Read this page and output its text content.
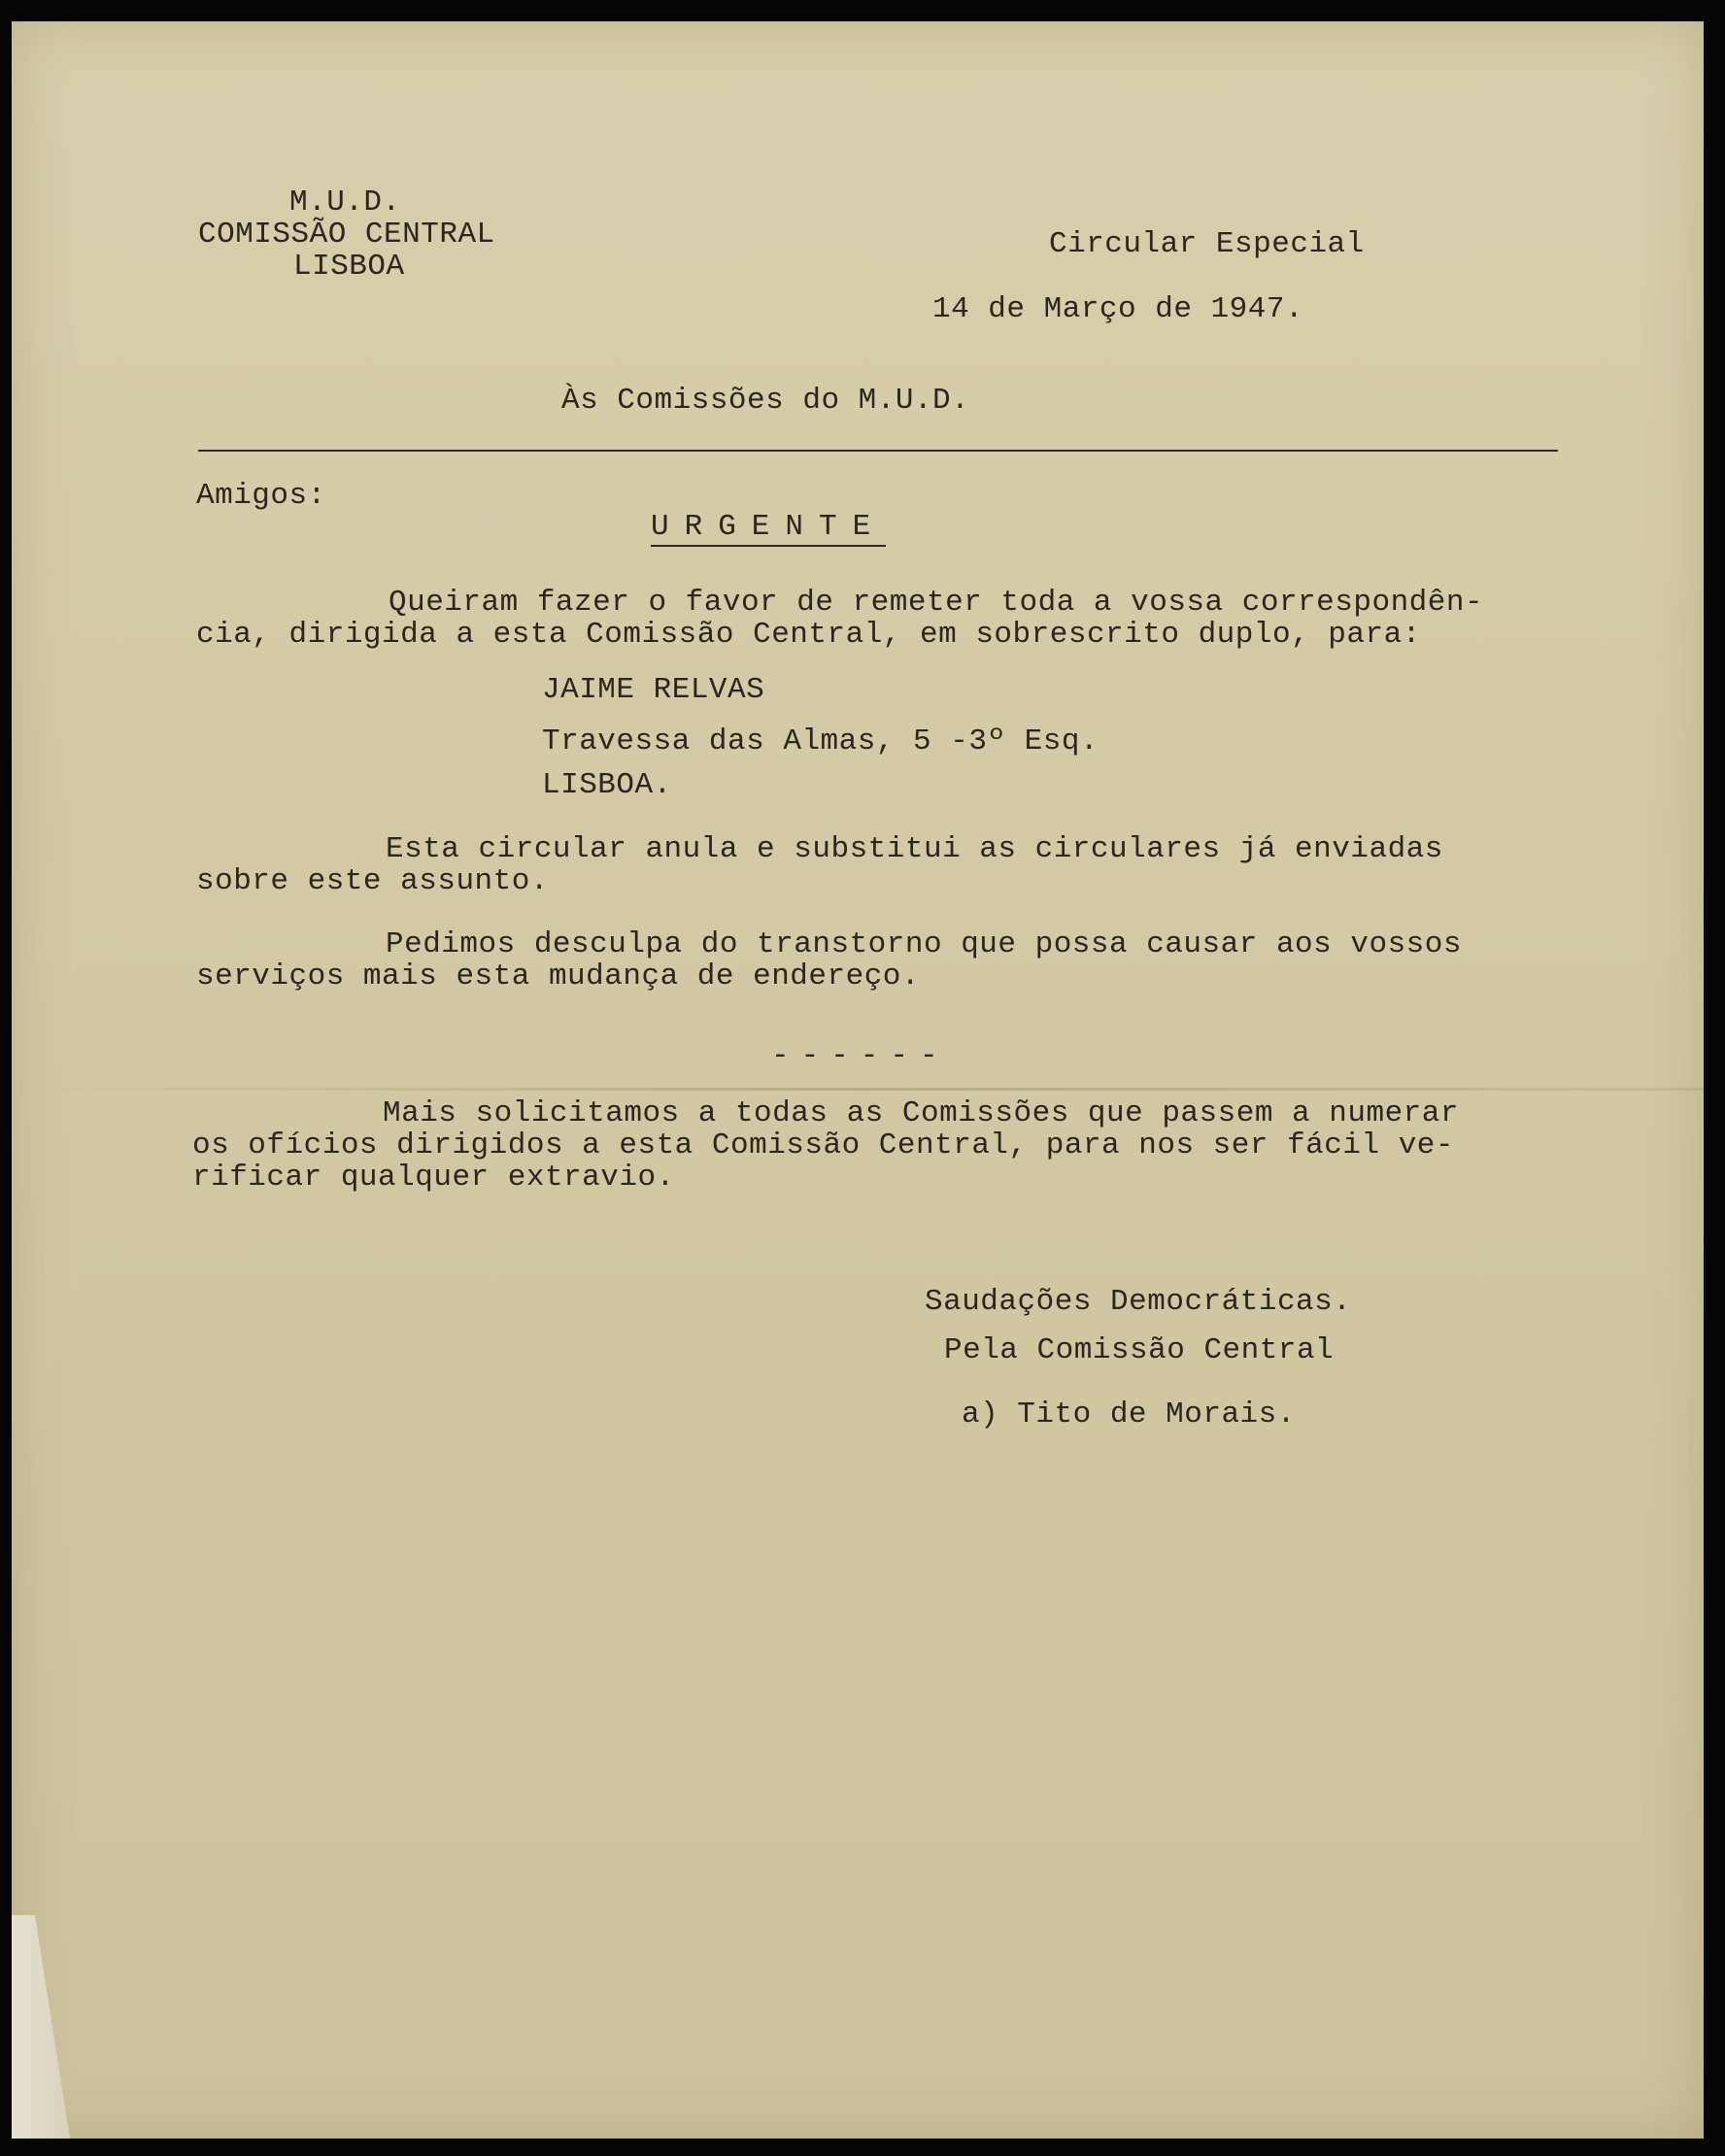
M.U.D.
COMISSÃO CENTRAL
LISBOA
Circular Especial
14 de Março de 1947.
Às Comissões do M.U.D.
Amigos:
URGENTE
Queiram fazer o favor de remeter toda a vossa correspondên-
cia, dirigida a esta Comissão Central, em sobrescrito duplo, para:
JAIME RELVAS
Travessa das Almas, 5 -3º Esq.
LISBOA.
Esta circular anula e substitui as circulares já enviadas
sobre este assunto.
Pedimos desculpa do transtorno que possa causar aos vossos
serviços mais esta mudança de endereço.
------
Mais solicitamos a todas as Comissões que passem a numerar
os ofícios dirigidos a esta Comissão Central, para nos ser fácil ve-
rificar qualquer extravio.
Saudações Democráticas.
Pela Comissão Central
a) Tito de Morais.
